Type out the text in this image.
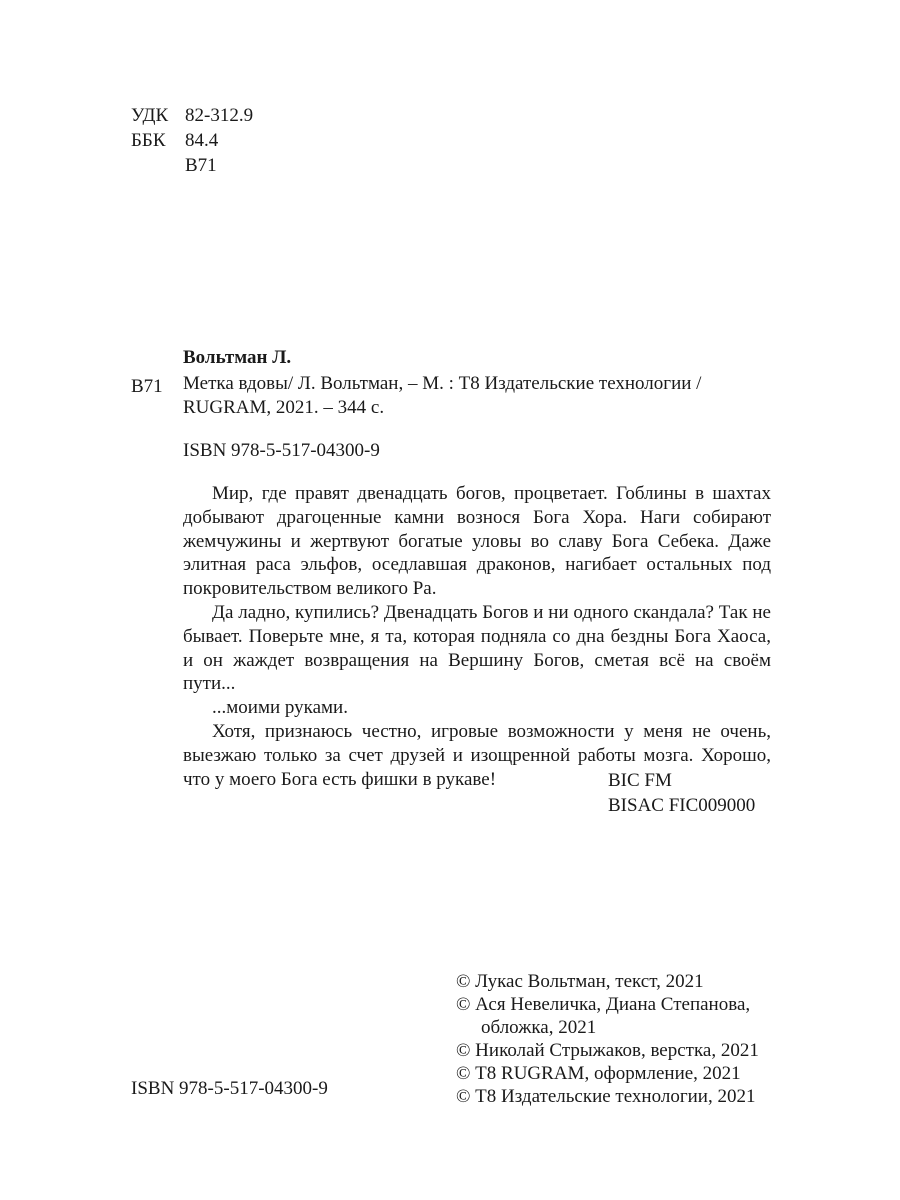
УДК 82-312.9
ББК	84.4
В71
Вольтман Л.
В71 Метка вдовы/ Л. Вольтман, – М. : Т8 Издательские технологии /
RUGRAM, 2021. – 344 с.
ISBN 978-5-517-04300-9

Мир, где правят двенадцать богов, процветает. Гоблины в шахтах добывают драгоценные камни вознося Бога Хора. Наги собирают жемчужины и жертвуют богатые уловы во славу Бога Себека. Даже элитная раса эльфов, оседлавшая драконов, нагибает остальных под покровительством великого Ра.

Да ладно, купились? Двенадцать Богов и ни одного скандала? Так не бывает. Поверьте мне, я та, которая подняла со дна бездны Бога Хаоса, и он жаждет возвращения на Вершину Богов, сметая всё на своём пути...

...моими руками.

Хотя, признаюсь честно, игровые возможности у меня не очень, выезжаю только за счет друзей и изощренной работы мозга. Хорошо, что у моего Бога есть фишки в рукаве!	BIC FM
BISAC FIC009000
© Лукас Вольтман, текст, 2021
© Ася Невеличка, Диана Степанова,
обложка, 2021
© Николай Стрыжаков, верстка, 2021
© Т8 RUGRAM, оформление, 2021
© Т8 Издательские технологии, 2021
ISBN 978-5-517-04300-9
